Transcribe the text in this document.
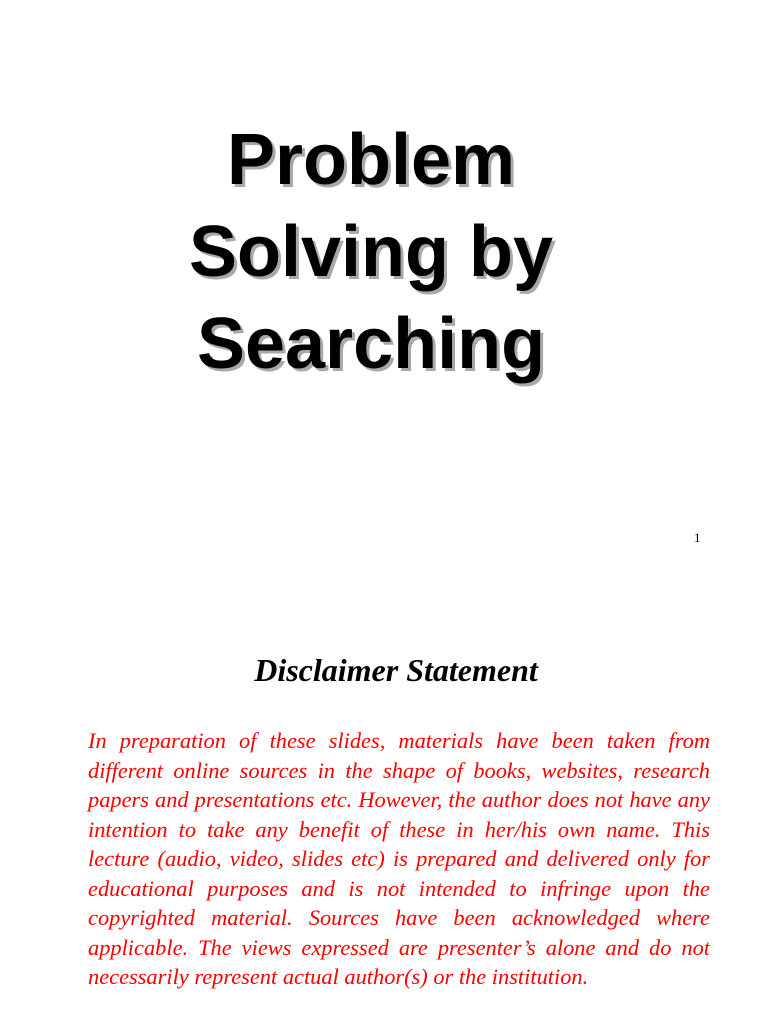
Problem
Solving by
Searching
1
Disclaimer Statement

In preparation of these slides, materials have been taken from different online sources in the shape of books, websites, research papers and presentations etc. However, the author does not have any intention to take any benefit of these in her/his own name. This lecture (audio, video, slides etc) is prepared and delivered only for educational purposes and is not intended to infringe upon the copyrighted material. Sources have been acknowledged where applicable. The views expressed are presenter’s alone and do not necessarily represent actual author(s) or the institution.
